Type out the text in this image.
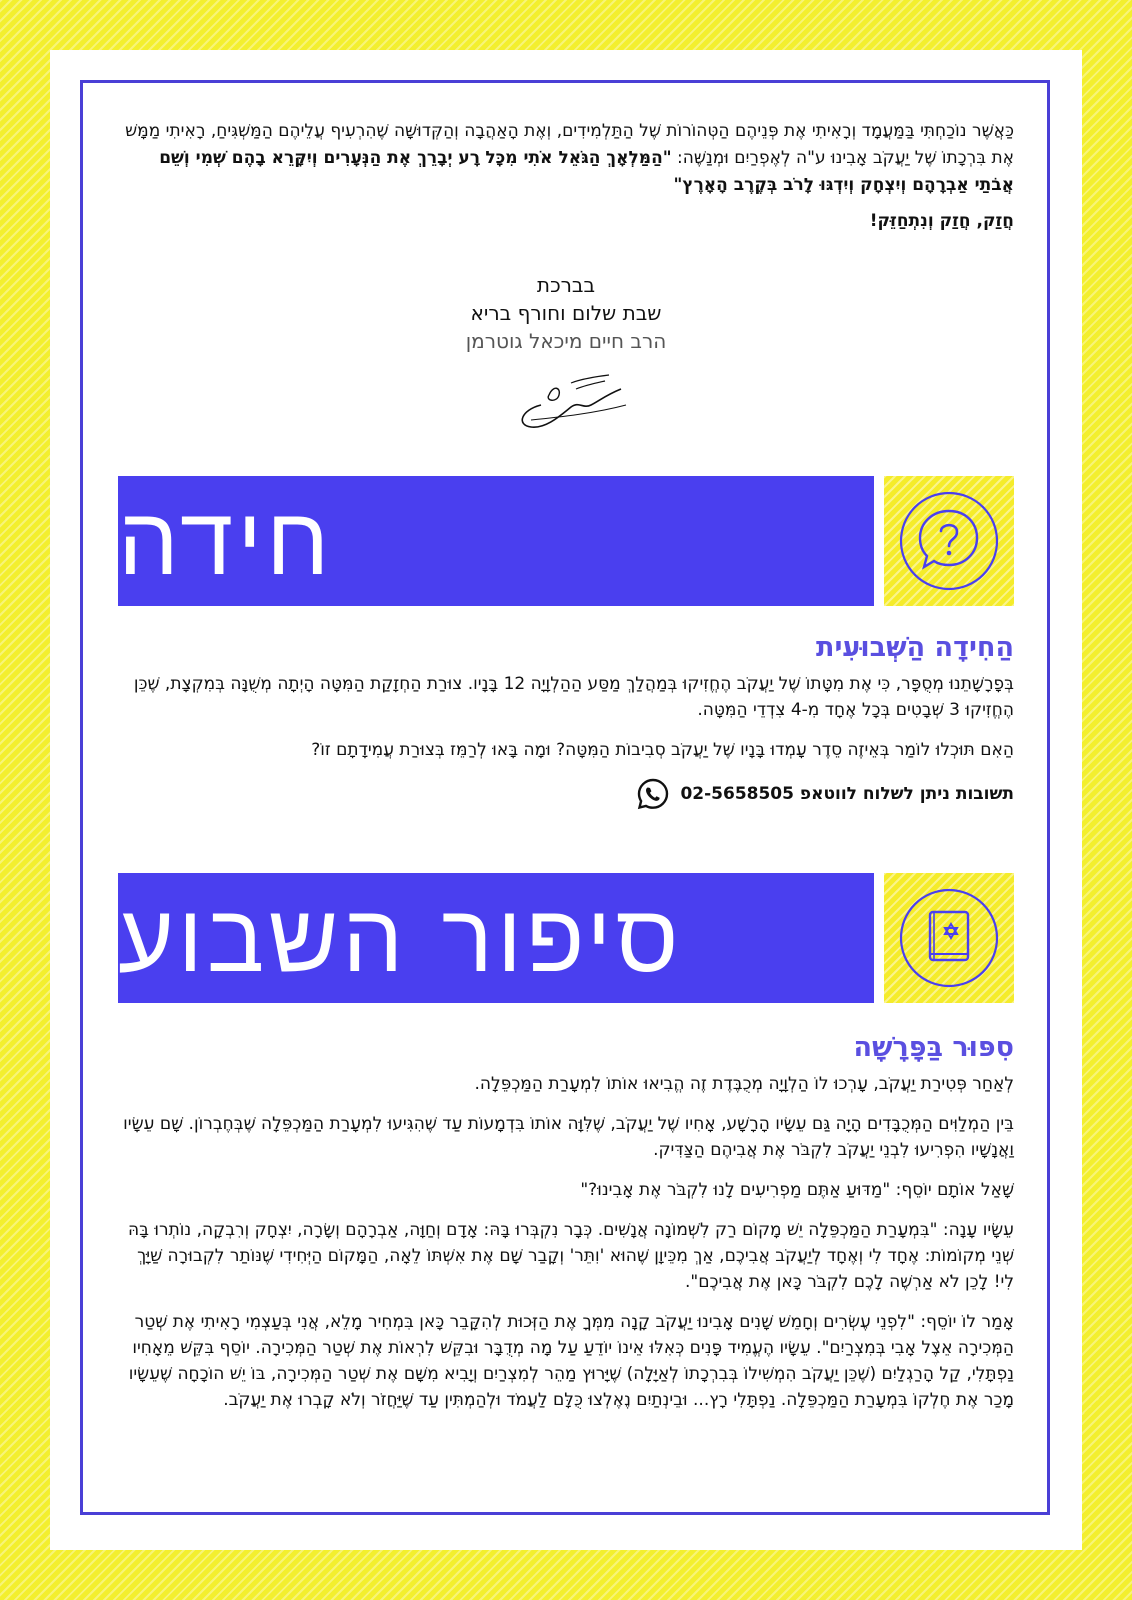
כַּאֲשֶׁר נוֹכַחְתִּי בַּמַּעֲמָד וְרָאִיתִי אֶת פְּנֵיהֶם הַטְּהוֹרוֹת שֶׁל הַתַּלְמִידִים, וְאֶת הָאַהֲבָה וְהַקְּדוּשָּׁה שֶׁהִרְעִיף עֲלֵיהֶם הַמַּשְׁגִּיחַ, רָאִיתִי מַמָּשׁ אֶת בִּרְכָתוֹ שֶׁל יַעֲקֹב אָבִינוּ ע"ה לְאֶפְרַיִם וּמְנַשֶּׁה: "הַמַּלְאָךְ הַגֹּאֵל אֹתִי מִכָּל רָע יְבָרֵךְ אֶת הַנְּעָרִים וְיִקָּרֵא בָהֶם שְׁמִי וְשֵׁם אֲבֹתַי אַבְרָהָם וְיִצְחָק וְיִדְגּוּ לָרֹב בְּקֶרֶב הָאָרֶץ"

חֲזַק, חֲזַק וְנִתְחַזֵּק!
בברכת
שבת שלום וחורף בריא
הרב חיים מיכאל גוטרמן
חידה
הַחִידָה הַשְּׁבוּעִית

בְּפָרָשָׁתֵנוּ מְסֻפָּר, כִּי אֶת מִטָּתוֹ שֶׁל יַעֲקֹב הֶחֱזִיקוּ בְּמַהֲלַךְ מַסַּע הַהַלְוָיָה 12 בָּנָיו. צוּרַת הַחְזָקַת הַמִּטָּה הָיְתָה מְשֻׁנָּה בְּמִקְצָת, שֶׁכֵּן הֶחֱזִיקוּ 3 שְׁבָטִים בְּכָל אֶחָד מִ-4 צִדְדֵי הַמִּטָּה.

הַאִם תּוּכְלוּ לוֹמַר בְּאֵיזֶה סֵדֶר עָמְדוּ בָּנָיו שֶׁל יַעֲקֹב סְבִיבוֹת הַמִּטָּה? וּמָה בָּאוּ לְרַמֵּז בְּצוּרַת עֲמִידָתָם זוֹ?

תשובות ניתן לשלוח לווטאפ 02-5658505
סיפור השבוע
סִפּוּר בַּפָּרָשָׁה

לְאַחַר פְּטִירַת יַעֲקֹב, עָרְכוּ לוֹ הַלְוָיָה מְכֻבֶּדֶת זֶה הֱבִיאוּ אוֹתוֹ לִמְעָרַת הַמַּכְפֵּלָה.

בֵּין הַמְלַוִּים הַמְּכֻבָּדִים הָיָה גַּם עֵשָׂיו הָרָשָׁע, אָחִיו שֶׁל יַעֲקֹב, שֶׁלִּוָּה אוֹתוֹ בִּדְמָעוֹת עַד שֶׁהִגִּיעוּ לִמְעָרַת הַמַּכְפֵּלָה שֶׁבְּחֶבְרוֹן. שָׁם עֵשָׂיו וַאֲנָשָׁיו הִפְרִיעוּ לִבְנֵי יַעֲקֹב לִקְבֹּר אֶת אֲבִיהֶם הַצַּדִּיק.

שָׁאַל אוֹתָם יוֹסֵף: "מַדּוּעַ אַתֶּם מַפְרִיעִים לָנוּ לִקְבֹּר אֶת אָבִינוּ?"

עֵשָׂיו עָנָה: "בִּמְעָרַת הַמַּכְפֵּלָה יֵשׁ מָקוֹם רַק לִשְׁמוֹנָה אֲנָשִׁים. כְּבָר נִקְבְּרוּ בָּהּ: אָדָם וְחַוָּה, אַבְרָהָם וְשָׂרָה, יִצְחָק וְרִבְקָה, נוֹתְרוּ בָּהּ שְׁנֵי מְקוֹמוֹת: אֶחָד לִי וְאֶחָד לְיַעֲקֹב אֲבִיכֶם, אַךְ מִכֵּיוָן שֶׁהוּא 'וִתֵּר' וְקָבַר שָׁם אֶת אִשְׁתּוֹ לֵאָה, הַמָּקוֹם הַיְּחִידִי שֶׁנּוֹתַר לִקְבוּרָה שַׁיָּךְ לִי! לָכֵן לֹא אַרְשֶׁה לָכֶם לִקְבֹּר כָּאן אֶת אֲבִיכֶם".

אָמַר לוֹ יוֹסֵף: "לִפְנֵי עֶשְׂרִים וְחָמֵשׁ שָׁנִים אָבִינוּ יַעֲקֹב קָנָה מִמְּךָ אֶת הַזְּכוּת לְהִקָּבֵר כָּאן בִּמְחִיר מָלֵא, אֲנִי בְּעַצְמִי רָאִיתִי אֶת שְׁטַר הַמְּכִירָה אֵצֶל אָבִי בְּמִצְרַיִם". עֵשָׂיו הֶעֱמִיד פָּנִים כְּאִלּוּ אֵינוֹ יוֹדֵעַ עַל מָה מְדֻבָּר וּבִקֵּשׁ לִרְאוֹת אֶת שְׁטַר הַמְּכִירָה. יוֹסֵף בִּקֵּשׁ מֵאָחִיו נַפְתָּלִי, קַל הָרַגְלַיִם (שֶׁכֵּן יַעֲקֹב הִמְשִׁילוֹ בְּבִרְכָתוֹ לְאַיָּלָה) שֶׁיָּרוּץ מַהֵר לְמִצְרַיִם וְיָבִיא מִשָּׁם אֶת שְׁטַר הַמְּכִירָה, בּוֹ יֵשׁ הוֹכָחָה שֶׁעֵשָׂיו מָכַר אֶת חֶלְקוֹ בִּמְעָרַת הַמַּכְפֵּלָה. נַפְתָּלִי רָץ... וּבֵינְתַיִם נֶאֶלְצוּ כֻּלָּם לַעֲמֹד וּלְהַמְתִּין עַד שֶׁיַּחֲזֹר וְלֹא קָבְרוּ אֶת יַעֲקֹב.
